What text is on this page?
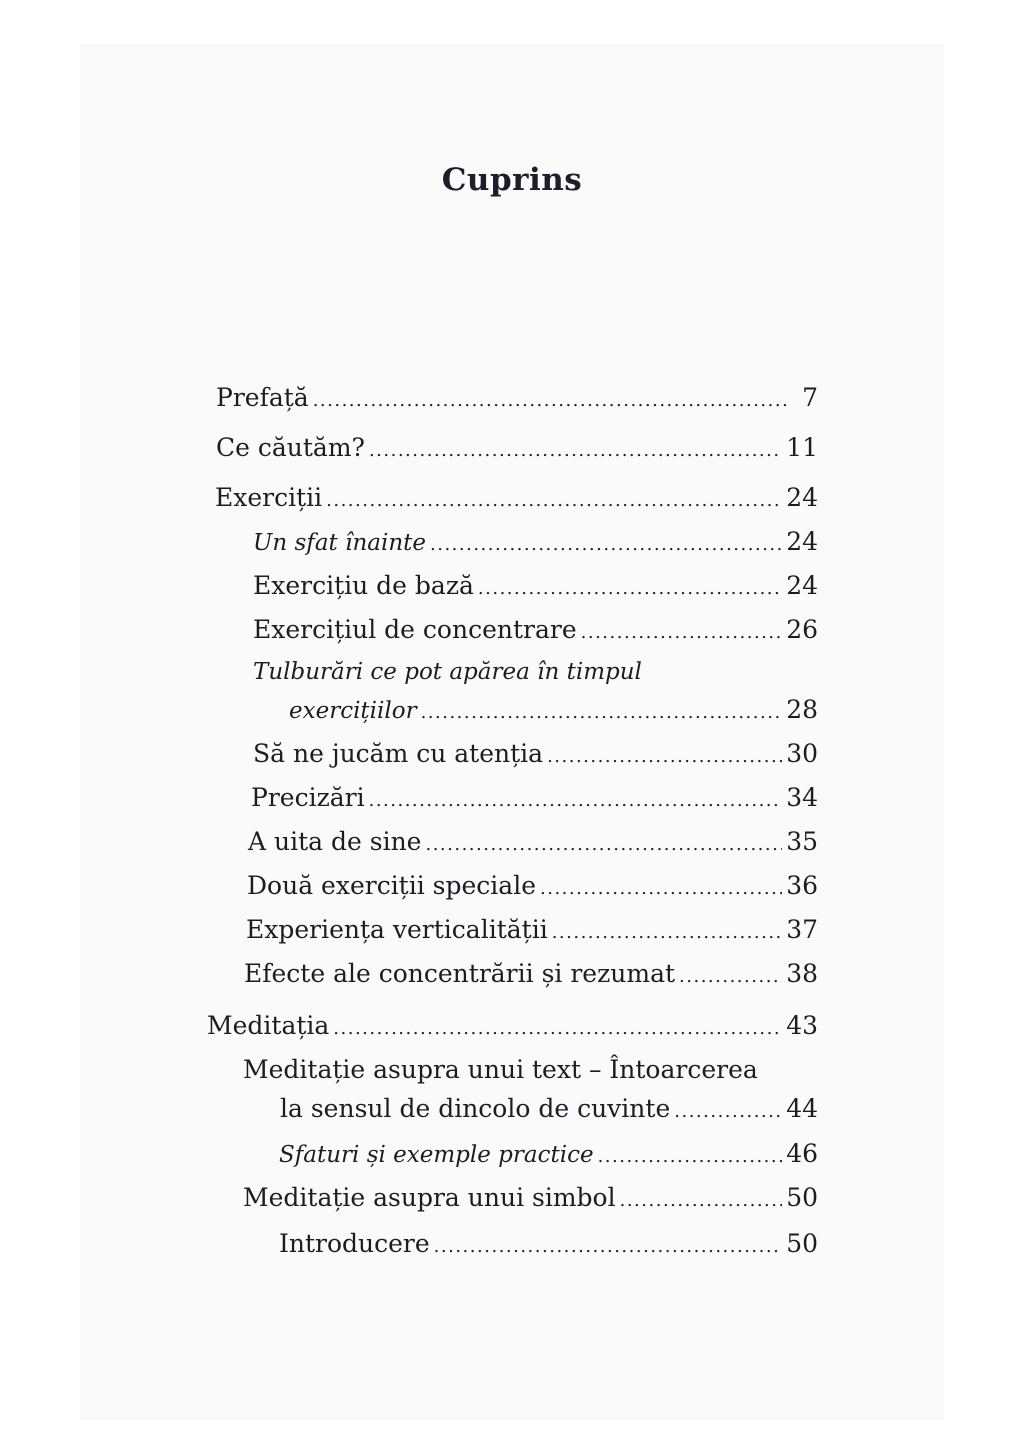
Cuprins
Prefață .....	7
Ce căutăm? .....	11
Exerciții .....	24
Un sfat înainte .....	24
Exercițiu de bază .....	24
Exercițiul de concentrare .....	26
Tulburări ce pot apărea în timpul
exercițiilor .....	28
Să ne jucăm cu atenția .....	30
Precizări .....	34
A uita de sine .....	35
Două exerciții speciale .....	36
Experiența verticalității .....	37
Efecte ale concentrării și rezumat .....	38
Meditația .....	43
Meditație asupra unui text – Întoarcerea
la sensul de dincolo de cuvinte .....	44
Sfaturi și exemple practice .....	46
Meditație asupra unui simbol .....	50
Introducere .....	50
